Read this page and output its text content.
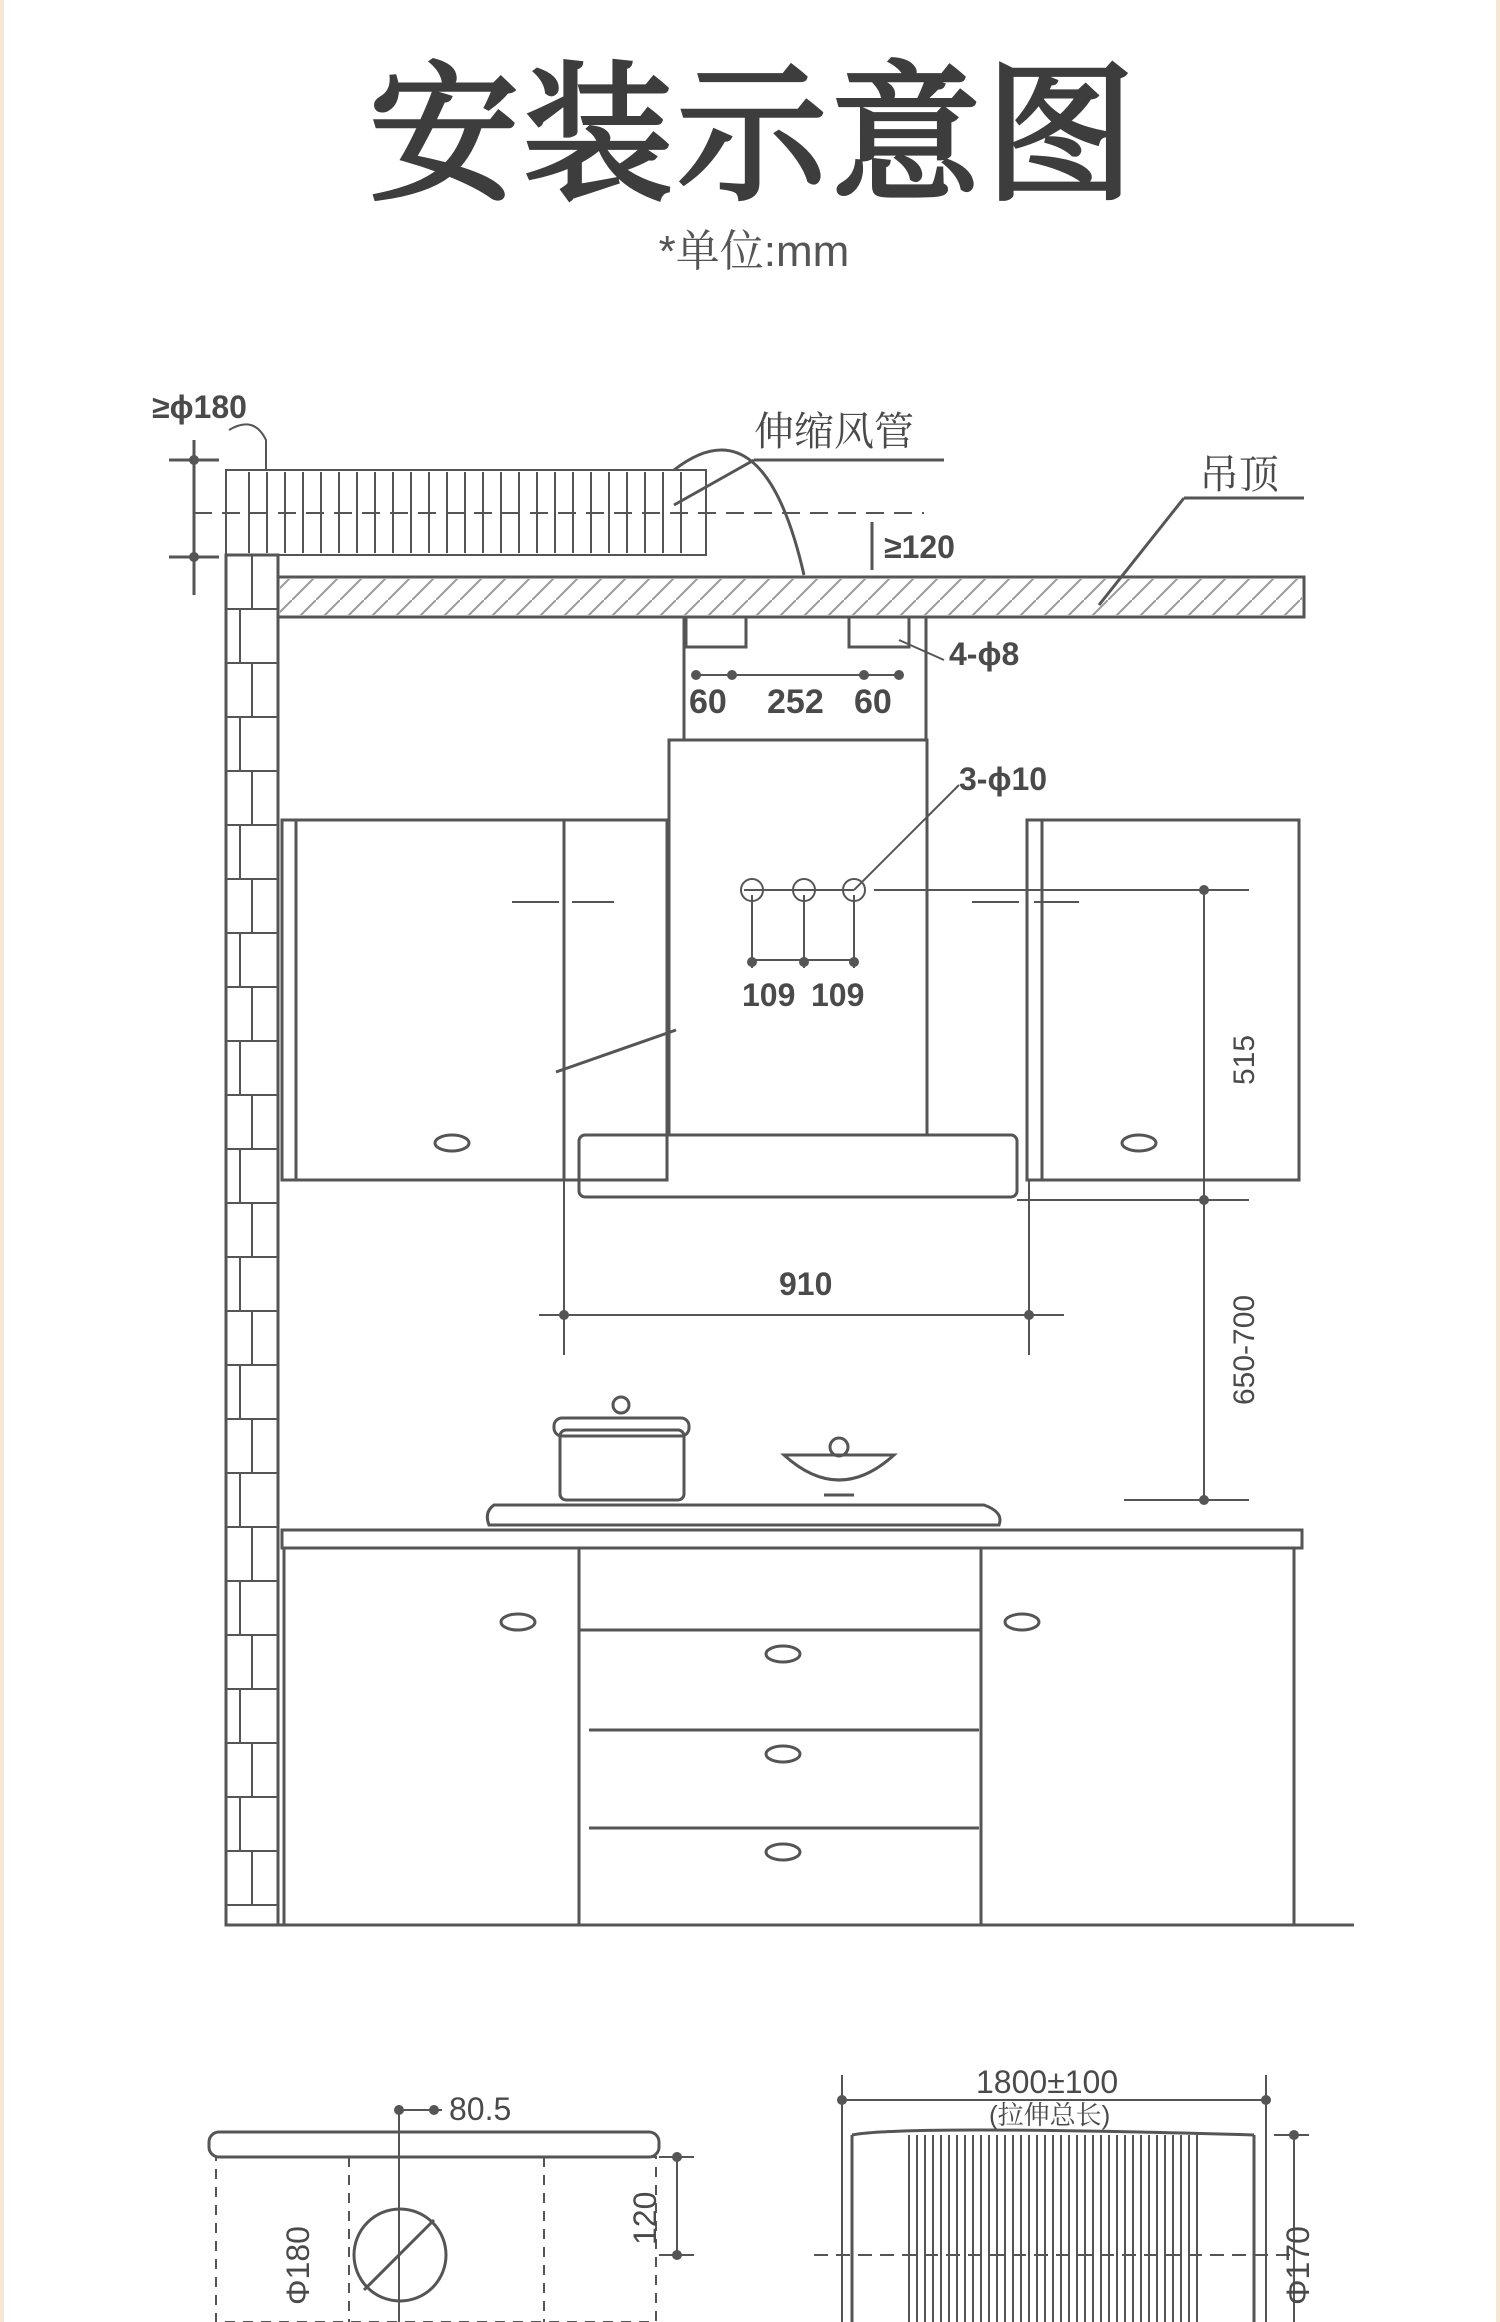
安装示意图
*单位:mm
≥ϕ180
伸缩风管
吊顶
≥120
4-ϕ8
60 252 60
3-ϕ10
109 109
515
910
650-700
80.5
Φ180
120
1800±100
(拉伸总长)
Φ170
